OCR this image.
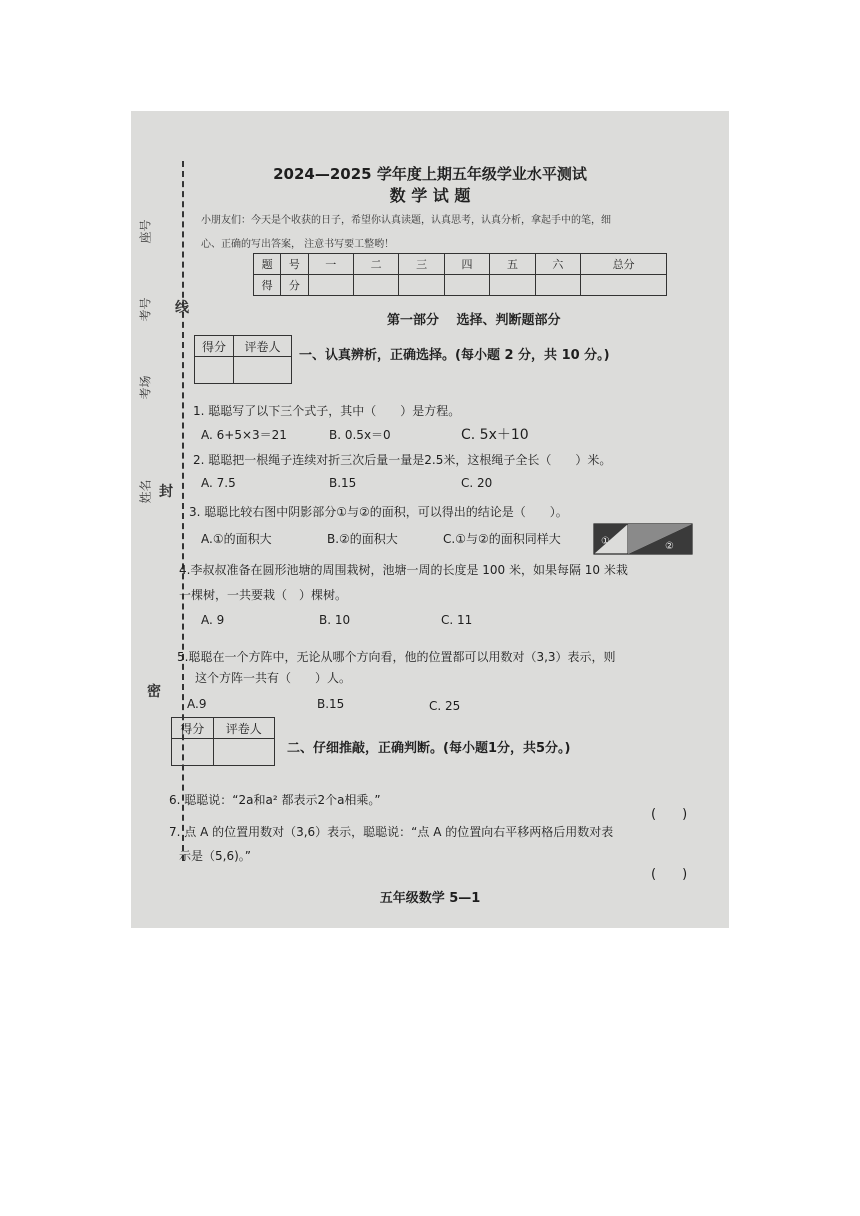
座号
考号
考场
姓名
线
封
密
2024—2025 学年度上期五年级学业水平测试
数 学 试 题
小朋友们：今天是个收获的日子，希望你认真读题，认真思考，认真分析，拿起手中的笔，细
心、正确的写出答案， 注意书写要工整哟！
题	号	一	二	三	四	五	六	总分
得	分							
第一部分　 选择、判断题部分
得分	评卷人

一、认真辨析，正确选择。(每小题 2 分，共 10 分。)
1. 聪聪写了以下三个式子，其中（　　）是方程。
A. 6+5×3＝21	B. 0.5x＝0	C. 5x＋10
2. 聪聪把一根绳子连续对折三次后量一量是2.5米，这根绳子全长（　　）米。
A. 7.5	B.15	C. 20
3. 聪聪比较右图中阴影部分①与②的面积，可以得出的结论是（　　）。
A.①的面积大	B.②的面积大	C.①与②的面积同样大	①	②
4.李叔叔准备在圆形池塘的周围栽树，池塘一周的长度是 100 米，如果每隔 10 米栽
一棵树，一共要栽（　）棵树。
A. 9	B. 10	C. 11
5.聪聪在一个方阵中，无论从哪个方向看，他的位置都可以用数对（3,3）表示，则
这个方阵一共有（　　）人。
A.9	B.15	C. 25
得分	评卷人

二、仔细推敲，正确判断。(每小题1分，共5分。)
6. 聪聪说：“2a和a² 都表示2个a相乘。”
(　　)
7. 点 A 的位置用数对（3,6）表示，聪聪说：“点 A 的位置向右平移两格后用数对表
示是（5,6)。”
(　　)
五年级数学 5—1
